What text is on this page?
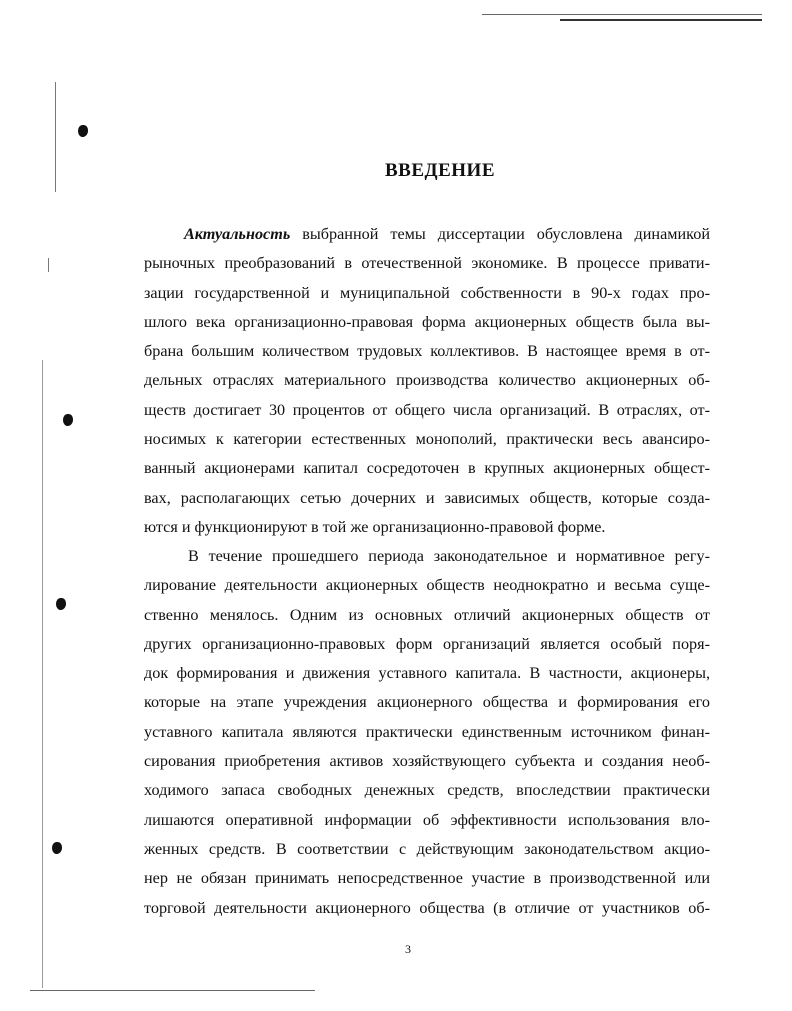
ВВЕДЕНИЕ
Актуальность выбранной темы диссертации обусловлена динамикой
рыночных преобразований в отечественной экономике. В процессе привати-
зации государственной и муниципальной собственности в 90-х годах про-
шлого века организационно-правовая форма акционерных обществ была вы-
брана большим количеством трудовых коллективов. В настоящее время в от-
дельных отраслях материального производства количество акционерных об-
ществ достигает 30 процентов от общего числа организаций. В отраслях, от-
носимых к категории естественных монополий, практически весь авансиро-
ванный акционерами капитал сосредоточен в крупных акционерных общест-
вах, располагающих сетью дочерних и зависимых обществ, которые созда-
ются и функционируют в той же организационно-правовой форме.
В течение прошедшего периода законодательное и нормативное регу-
лирование деятельности акционерных обществ неоднократно и весьма суще-
ственно менялось. Одним из основных отличий акционерных обществ от
других организационно-правовых форм организаций является особый поря-
док формирования и движения уставного капитала. В частности, акционеры,
которые на этапе учреждения акционерного общества и формирования его
уставного капитала являются практически единственным источником финан-
сирования приобретения активов хозяйствующего субъекта и создания необ-
ходимого запаса свободных денежных средств, впоследствии практически
лишаются оперативной информации об эффективности использования вло-
женных средств. В соответствии с действующим законодательством акцио-
нер не обязан принимать непосредственное участие в производственной или
торговой деятельности акционерного общества (в отличие от участников об-
3
